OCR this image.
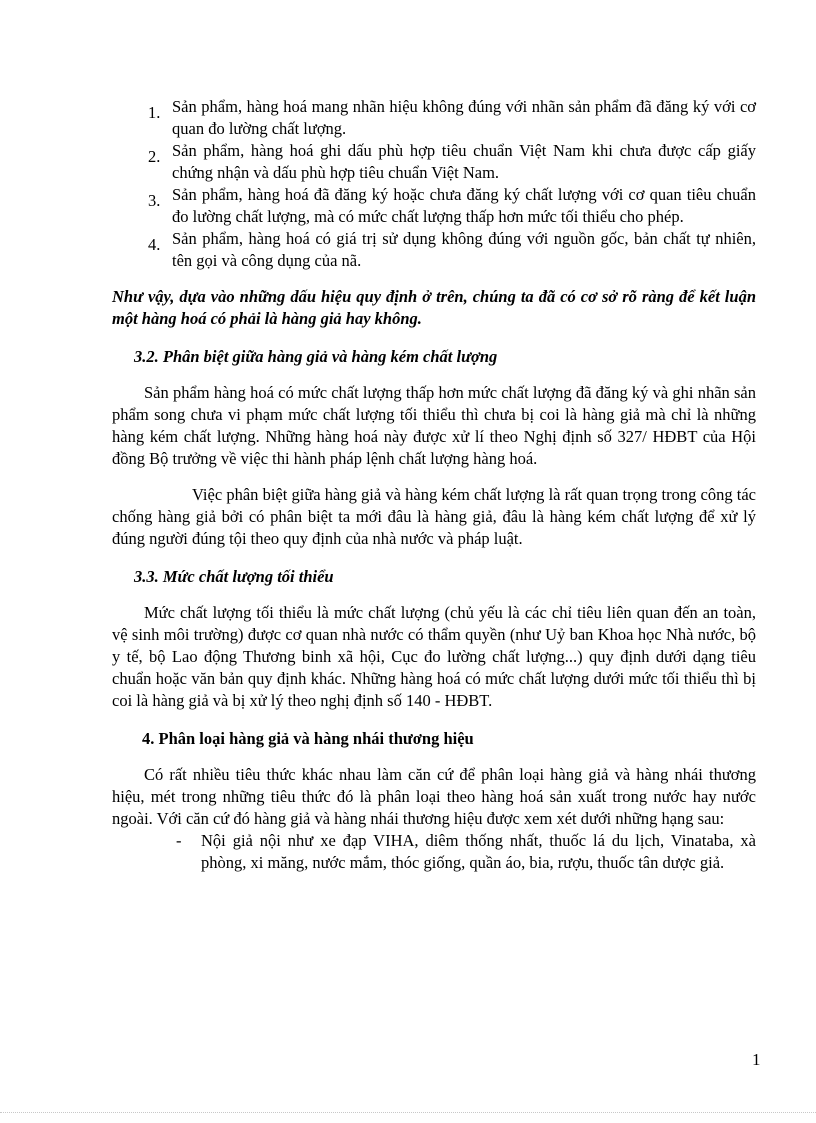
1. Sản phẩm, hàng hoá mang nhãn hiệu không đúng với nhãn sản phẩm đã đăng ký với cơ quan đo lường chất lượng.
2. Sản phẩm, hàng hoá ghi dấu phù hợp tiêu chuẩn Việt Nam khi chưa được cấp giấy chứng nhận và dấu phù hợp tiêu chuẩn Việt Nam.
3. Sản phẩm, hàng hoá đã đăng ký hoặc chưa đăng ký chất lượng với cơ quan tiêu chuẩn đo lường chất lượng, mà có mức chất lượng thấp hơn mức tối thiểu cho phép.
4. Sản phẩm, hàng hoá có giá trị sử dụng không đúng với nguồn gốc, bản chất tự nhiên, tên gọi và công dụng của nã.

Như vậy, dựa vào những dấu hiệu quy định ở trên, chúng ta đã có cơ sở rõ ràng để kết luận một hàng hoá có phải là hàng giả hay không.

3.2. Phân biệt giữa hàng giả và hàng kém chất lượng

Sản phẩm hàng hoá có mức chất lượng thấp hơn mức chất lượng đã đăng ký và ghi nhãn sản phẩm song chưa vi phạm mức chất lượng tối thiểu thì chưa bị coi là hàng giả mà chỉ là những hàng kém chất lượng. Những hàng hoá này được xử lí theo Nghị định số 327/ HĐBT của Hội đồng Bộ trưởng về việc thi hành pháp lệnh chất lượng hàng hoá.

Việc phân biệt giữa hàng giả và hàng kém chất lượng là rất quan trọng trong công tác chống hàng giả bởi có phân biệt ta mới đâu là hàng giả, đâu là hàng kém chất lượng để xử lý đúng người đúng tội theo quy định của nhà nước và pháp luật.

3.3. Mức chất lượng tối thiểu

Mức chất lượng tối thiểu là mức chất lượng (chủ yếu là các chỉ tiêu liên quan đến an toàn, vệ sinh môi trường) được cơ quan nhà nước có thẩm quyền (như Uỷ ban Khoa học Nhà nước, bộ y tế, bộ Lao động Thương binh xã hội, Cục đo lường chất lượng...) quy định dưới dạng tiêu chuẩn hoặc văn bản quy định khác. Những hàng hoá có mức chất lượng dưới mức tối thiểu thì bị coi là hàng giả và bị xử lý theo nghị định số 140 - HĐBT.

4. Phân loại hàng giả và hàng nhái thương hiệu

Có rất nhiều tiêu thức khác nhau làm căn cứ để phân loại hàng giả và hàng nhái thương hiệu, mét trong những tiêu thức đó là phân loại theo hàng hoá sản xuất trong nước hay nước ngoài. Với căn cứ đó hàng giả và hàng nhái thương hiệu được xem xét dưới những hạng sau:

- Nội giả nội như xe đạp VIHA, diêm thống nhất, thuốc lá du lịch, Vinataba, xà phòng, xi măng, nước mắm, thóc giống, quần áo, bia, rượu, thuốc tân dược giả.
1
